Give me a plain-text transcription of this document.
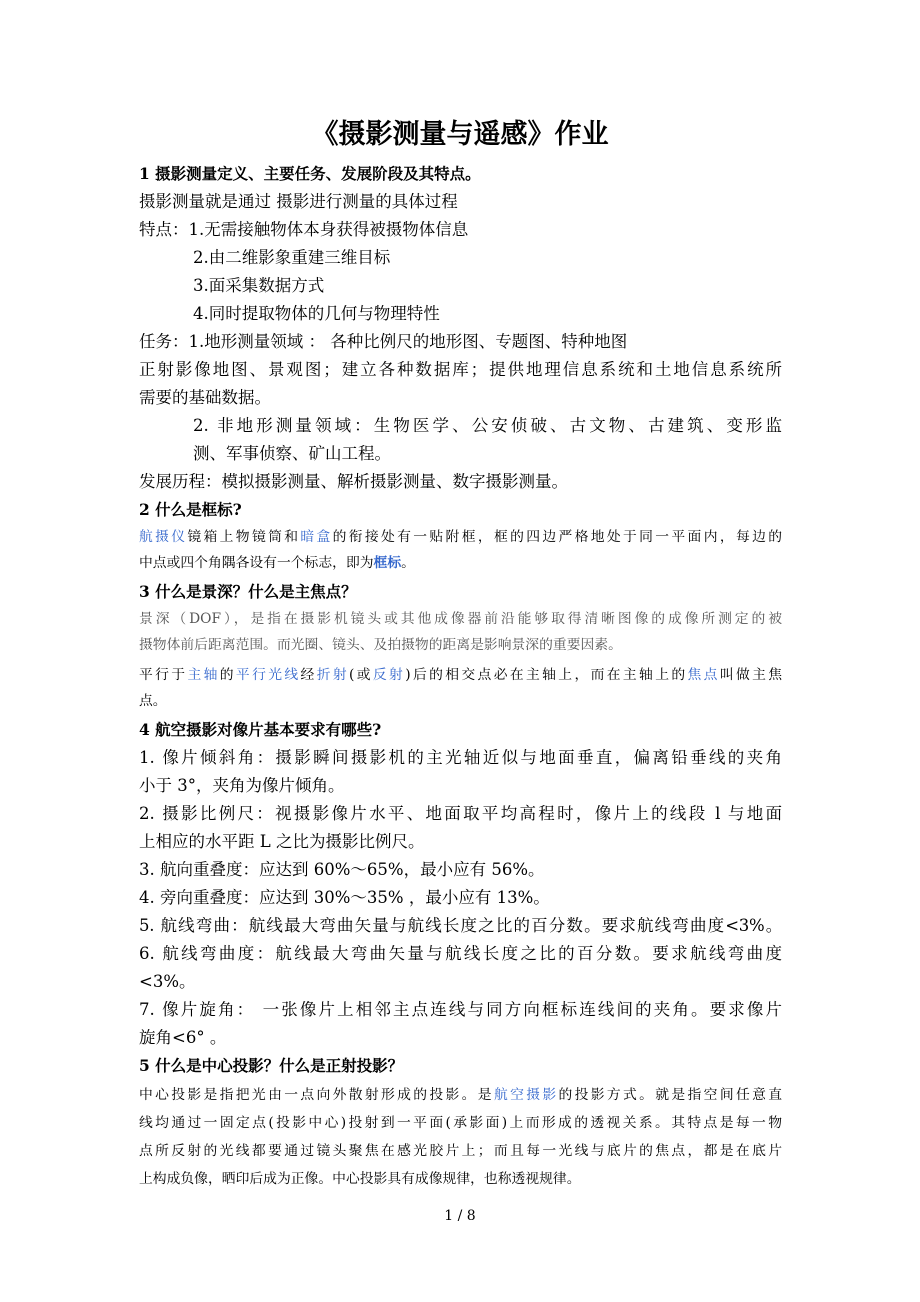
《摄影测量与遥感》作业
1 摄影测量定义、主要任务、发展阶段及其特点。
摄影测量就是通过 摄影进行测量的具体过程
特点：1.无需接触物体本身获得被摄物体信息
2.由二维影象重建三维目标
3.面采集数据方式
4.同时提取物体的几何与物理特性
任务：1.地形测量领域 ： 各种比例尺的地形图、专题图、特种地图
正射影像地图、景观图；建立各种数据库；提供地理信息系统和土地信息系统所
需要的基础数据。
2. 非地形测量领域：生物医学、公安侦破、古文物、古建筑、变形监
测、军事侦察、矿山工程。
发展历程：模拟摄影测量、解析摄影测量、数字摄影测量。
2 什么是框标?
航摄仪镜箱上物镜筒和暗盒的衔接处有一贴附框，框的四边严格地处于同一平面内，每边的
中点或四个角隅各设有一个标志，即为框标。
3 什么是景深？什么是主焦点？
景深（DOF），是指在摄影机镜头或其他成像器前沿能够取得清晰图像的成像所测定的被
摄物体前后距离范围。而光圈、镜头、及拍摄物的距离是影响景深的重要因素。
平行于主轴的平行光线经折射(或反射)后的相交点必在主轴上，而在主轴上的焦点叫做主焦
点。
4 航空摄影对像片基本要求有哪些?
1. 像片倾斜角：摄影瞬间摄影机的主光轴近似与地面垂直，偏离铅垂线的夹角
小于 3°，夹角为像片倾角。
2. 摄影比例尺：视摄影像片水平、地面取平均高程时，像片上的线段 l 与地面
上相应的水平距 L 之比为摄影比例尺。
3. 航向重叠度：应达到 60%～65%，最小应有 56%。
4. 旁向重叠度：应达到 30%～35% ，最小应有 13%。
5. 航线弯曲：航线最大弯曲矢量与航线长度之比的百分数。要求航线弯曲度<3%。
6. 航线弯曲度：航线最大弯曲矢量与航线长度之比的百分数。要求航线弯曲度
<3%。
7. 像片旋角： 一张像片上相邻主点连线与同方向框标连线间的夹角。要求像片
旋角<6° 。
5 什么是中心投影？什么是正射投影？
中心投影是指把光由一点向外散射形成的投影。是航空摄影的投影方式。就是指空间任意直
线均通过一固定点(投影中心)投射到一平面(承影面)上而形成的透视关系。其特点是每一物
点所反射的光线都要通过镜头聚焦在感光胶片上；而且每一光线与底片的焦点，都是在底片
上构成负像，晒印后成为正像。中心投影具有成像规律，也称透视规律。
1 / 8
